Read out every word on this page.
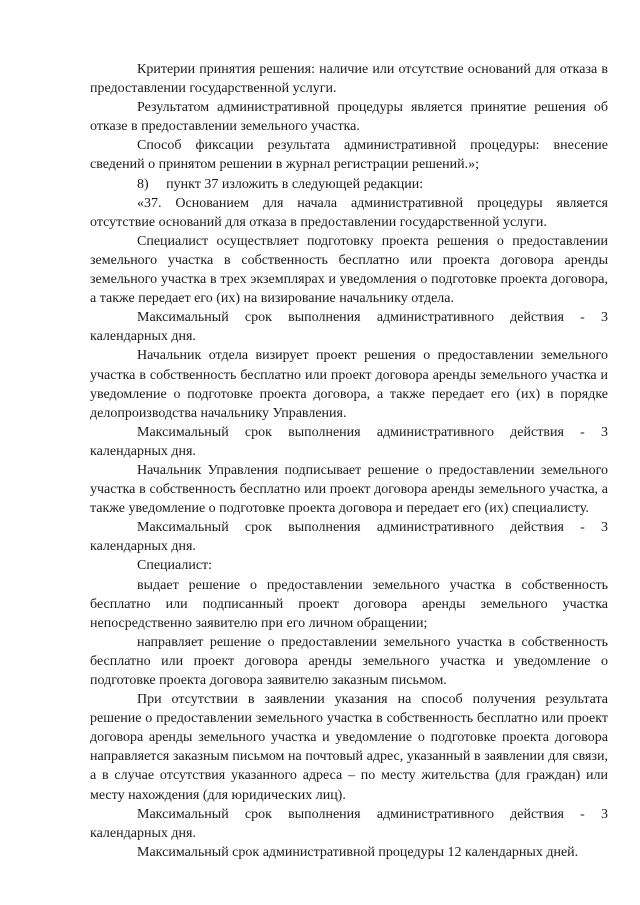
Критерии принятия решения: наличие или отсутствие оснований для отказа в предоставлении государственной услуги.

Результатом административной процедуры является принятие решения об отказе в предоставлении земельного участка.

Способ фиксации результата административной процедуры: внесение сведений о принятом решении в журнал регистрации решений.»;

8)     пункт 37 изложить в следующей редакции:

«37. Основанием для начала административной процедуры является отсутствие оснований для отказа в предоставлении государственной услуги.

Специалист осуществляет подготовку проекта решения о предоставлении земельного участка в собственность бесплатно или проекта договора аренды земельного участка в трех экземплярах и уведомления о подготовке проекта договора, а также передает его (их) на визирование начальнику отдела.

Максимальный срок выполнения административного действия - 3 календарных дня.

Начальник отдела визирует проект решения о предоставлении земельного участка в собственность бесплатно или проект договора аренды земельного участка и уведомление о подготовке проекта договора, а также передает его (их) в порядке делопроизводства начальнику Управления.

Максимальный срок выполнения административного действия - 3 календарных дня.

Начальник Управления подписывает решение о предоставлении земельного участка в собственность бесплатно или проект договора аренды земельного участка, а также уведомление о подготовке проекта договора и передает его (их) специалисту.

Максимальный срок выполнения административного действия - 3 календарных дня.

Специалист:

выдает решение о предоставлении земельного участка в собственность бесплатно или подписанный проект договора аренды земельного участка непосредственно заявителю при его личном обращении;

направляет решение о предоставлении земельного участка в собственность бесплатно или проект договора аренды земельного участка и уведомление о подготовке проекта договора заявителю заказным письмом.

При отсутствии в заявлении указания на способ получения результата решение о предоставлении земельного участка в собственность бесплатно или проект договора аренды земельного участка и уведомление о подготовке проекта договора направляется заказным письмом на почтовый адрес, указанный в заявлении для связи, а в случае отсутствия указанного адреса – по месту жительства (для граждан) или месту нахождения (для юридических лиц).

Максимальный срок выполнения административного действия - 3 календарных дня.

Максимальный срок административной процедуры 12 календарных дней.
